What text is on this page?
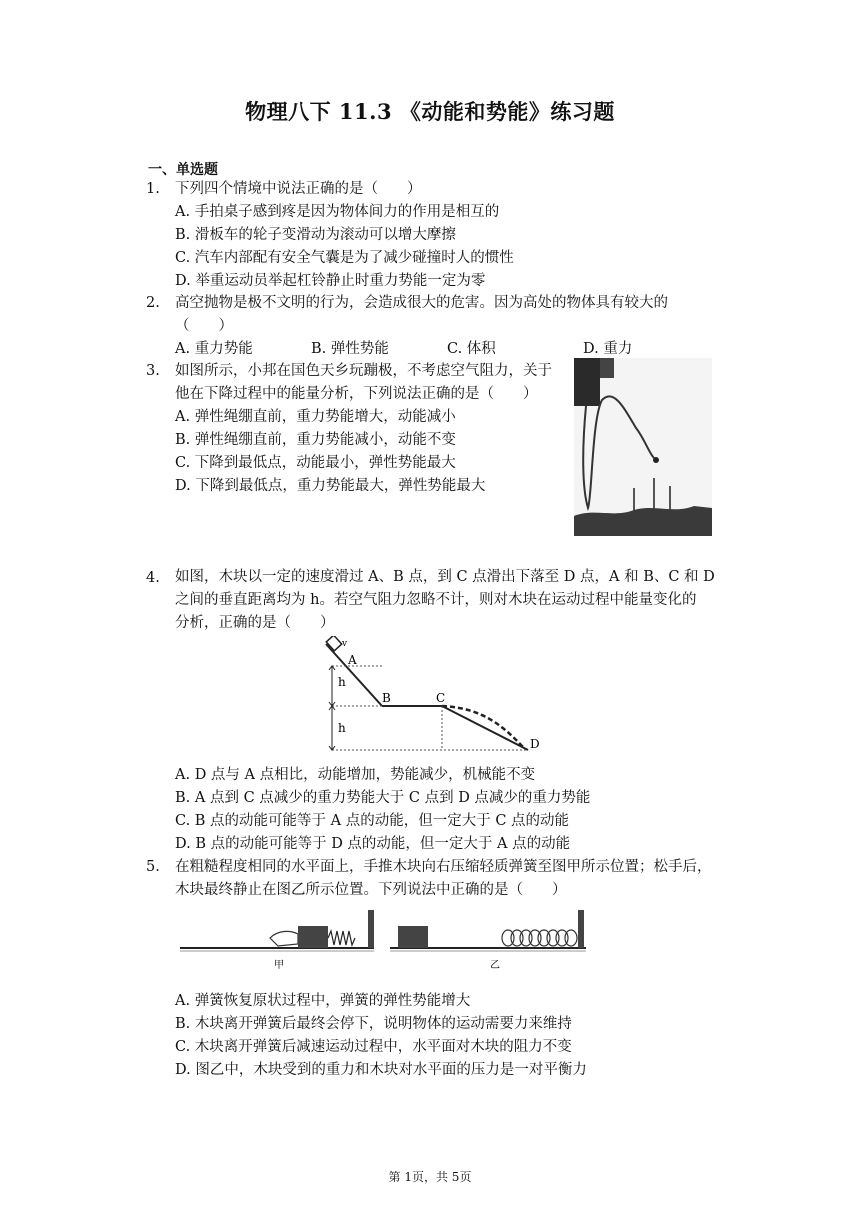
物理八下 11.3 《动能和势能》练习题
一、单选题
1. 下列四个情境中说法正确的是（　　）
A. 手拍桌子感到疼是因为物体间力的作用是相互的
B. 滑板车的轮子变滑动为滚动可以增大摩擦
C. 汽车内部配有安全气囊是为了减少碰撞时人的惯性
D. 举重运动员举起杠铃静止时重力势能一定为零
2. 高空抛物是极不文明的行为，会造成很大的危害。因为高处的物体具有较大的
（　　）
A. 重力势能	B. 弹性势能	C. 体积	D. 重力
3. 如图所示，小邦在国色天乡玩蹦极，不考虑空气阻力，关于
他在下降过程中的能量分析，下列说法正确的是（　　）
A. 弹性绳绷直前，重力势能增大，动能减小
B. 弹性绳绷直前，重力势能减小，动能不变
C. 下降到最低点，动能最小，弹性势能最大
D. 下降到最低点，重力势能最大，弹性势能最大
4. 如图，木块以一定的速度滑过 A、B 点，到 C 点滑出下落至 D 点，A 和 B、C 和 D
之间的垂直距离均为 h。若空气阻力忽略不计，则对木块在运动过程中能量变化的
分析，正确的是（　　）
h
h
A
B	C
D
v
A. D 点与 A 点相比，动能增加，势能减少，机械能不变
B. A 点到 C 点减少的重力势能大于 C 点到 D 点减少的重力势能
C. B 点的动能可能等于 A 点的动能，但一定大于 C 点的动能
D. B 点的动能可能等于 D 点的动能，但一定大于 A 点的动能
5. 在粗糙程度相同的水平面上，手推木块向右压缩轻质弹簧至图甲所示位置；松手后，
木块最终静止在图乙所示位置。下列说法中正确的是（　　）
甲	乙
A. 弹簧恢复原状过程中，弹簧的弹性势能增大
B. 木块离开弹簧后最终会停下，说明物体的运动需要力来维持
C. 木块离开弹簧后减速运动过程中，水平面对木块的阻力不变
D. 图乙中，木块受到的重力和木块对水平面的压力是一对平衡力
第 1页，共 5页
